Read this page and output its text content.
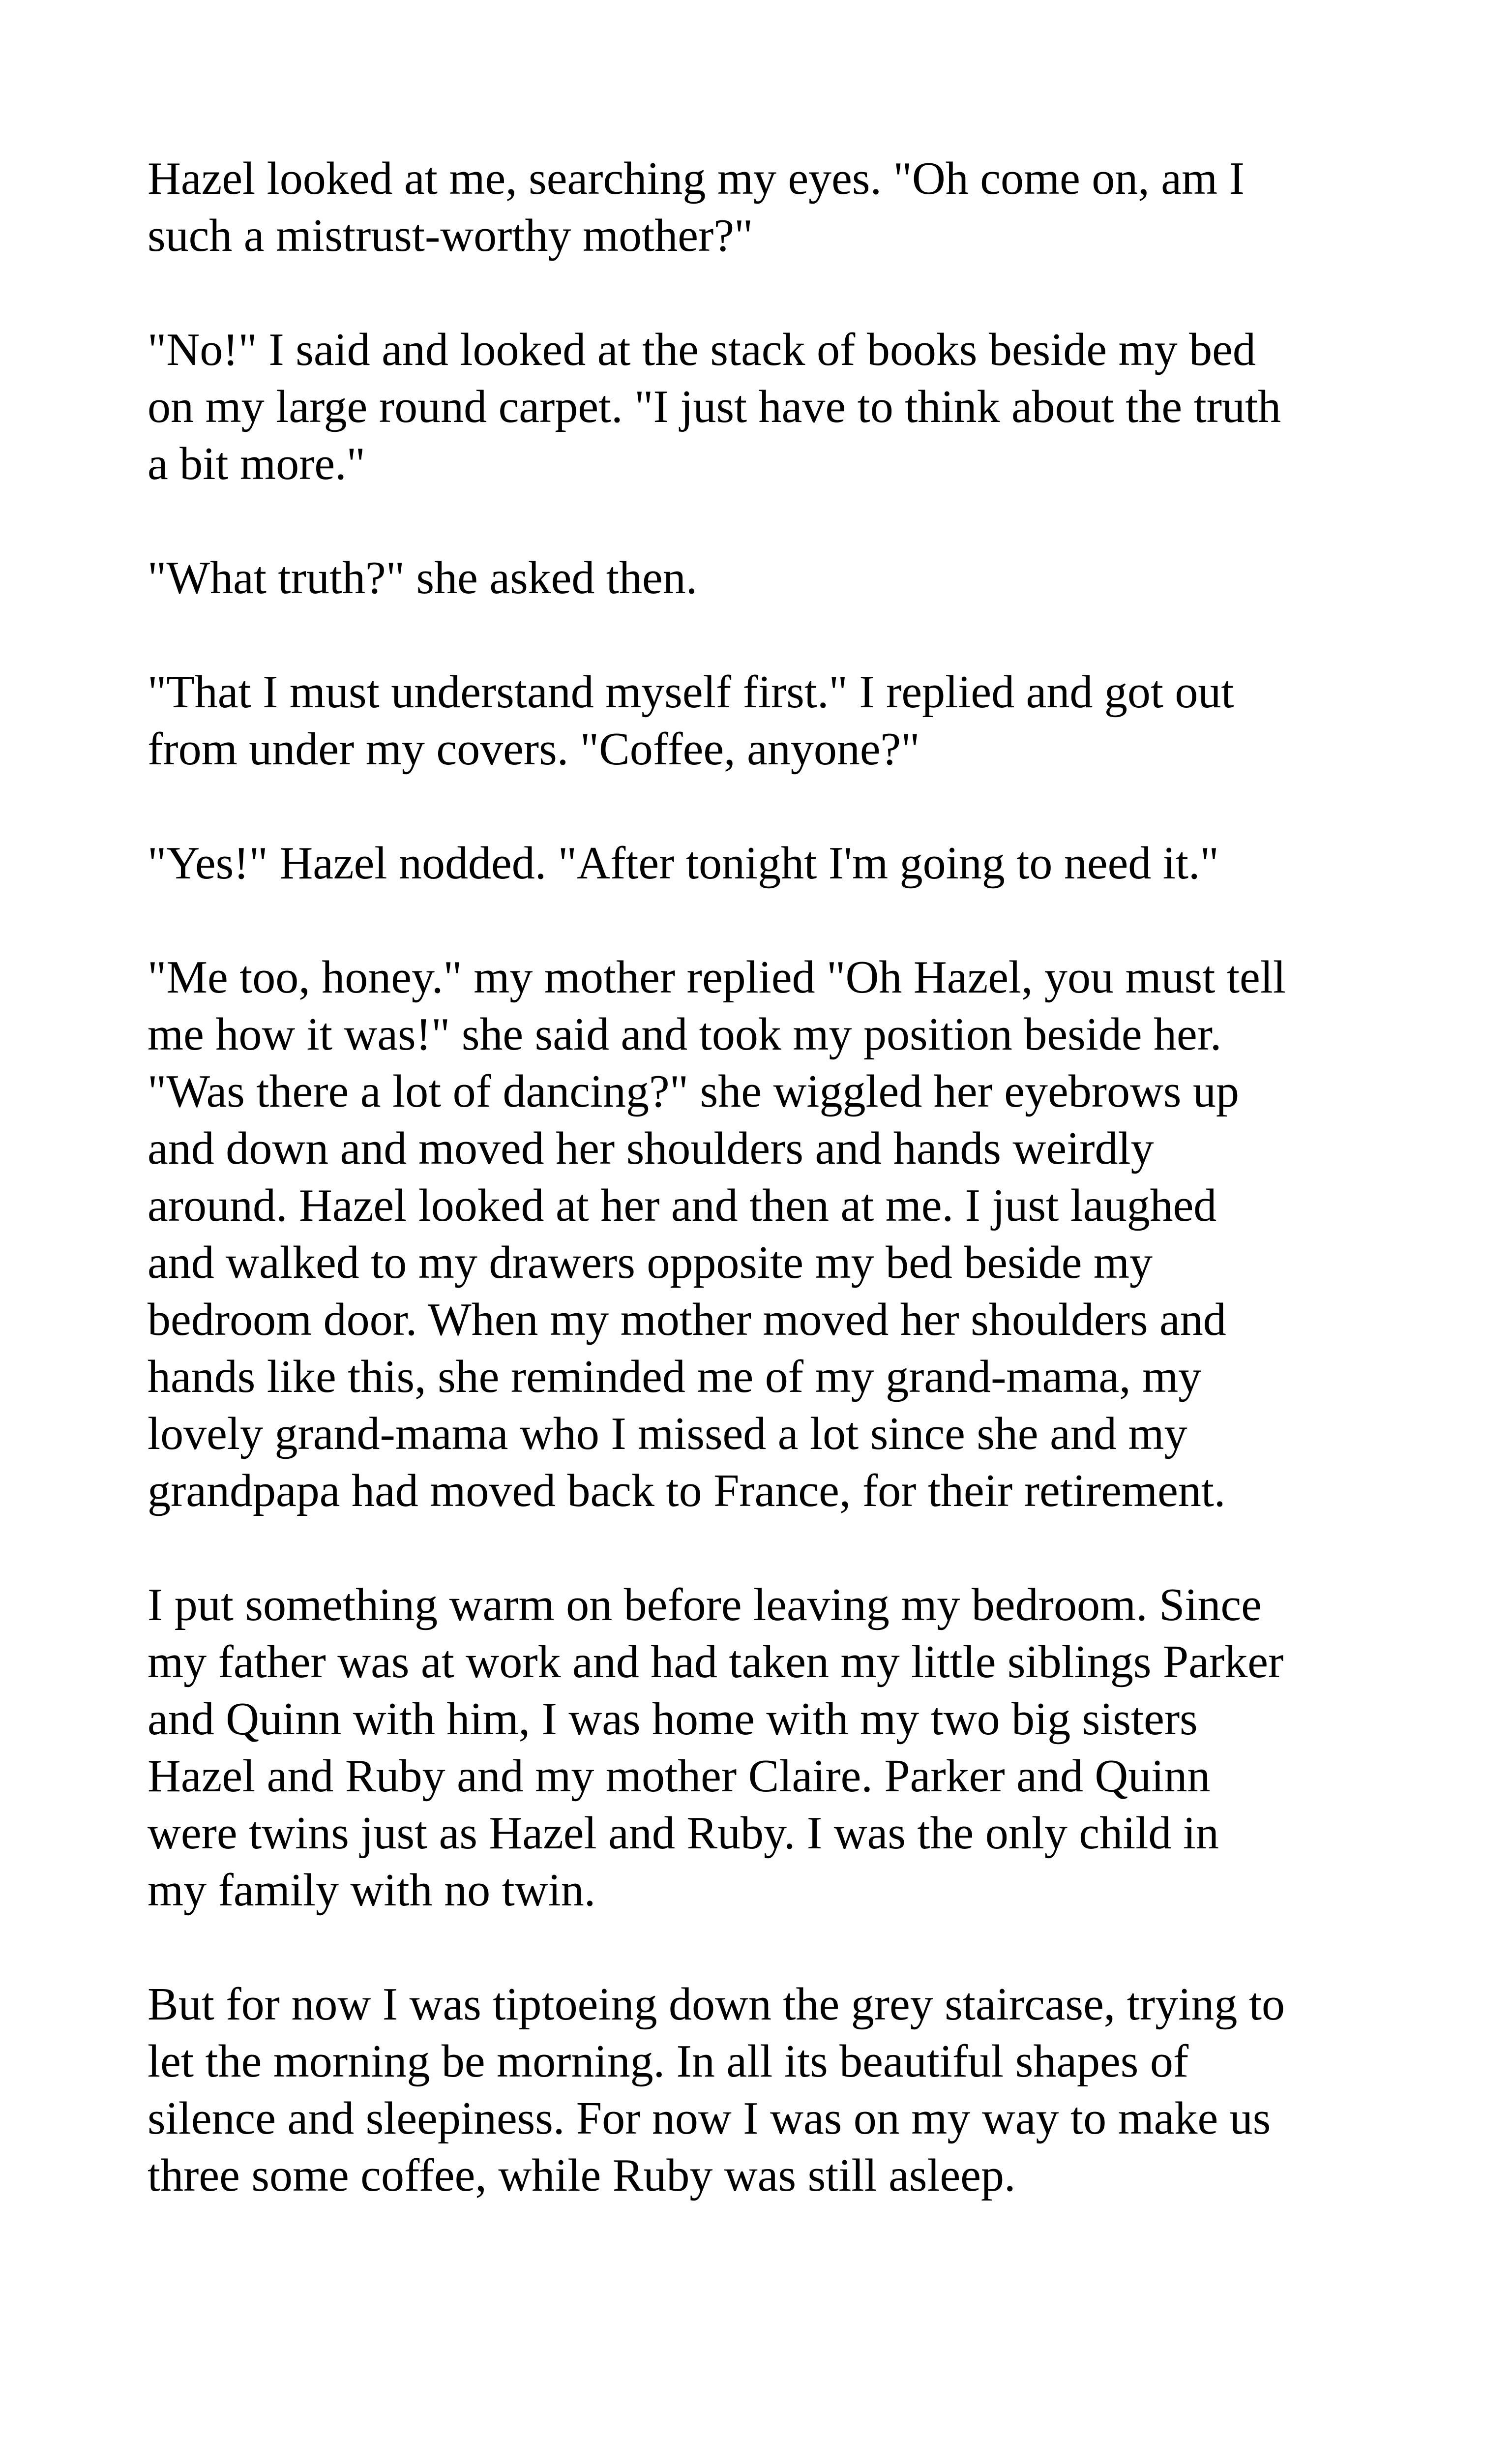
Hazel looked at me, searching my eyes. "Oh come on, am I
such a mistrust-worthy mother?"
"No!" I said and looked at the stack of books beside my bed
on my large round carpet. "I just have to think about the truth
a bit more."
"What truth?" she asked then.
"That I must understand myself first." I replied and got out
from under my covers. "Coffee, anyone?"
"Yes!" Hazel nodded. "After tonight I'm going to need it."
"Me too, honey." my mother replied "Oh Hazel, you must tell
me how it was!" she said and took my position beside her.
"Was there a lot of dancing?" she wiggled her eyebrows up
and down and moved her shoulders and hands weirdly
around. Hazel looked at her and then at me. I just laughed
and walked to my drawers opposite my bed beside my
bedroom door. When my mother moved her shoulders and
hands like this, she reminded me of my grand-mama, my
lovely grand-mama who I missed a lot since she and my
grandpapa had moved back to France, for their retirement.
I put something warm on before leaving my bedroom. Since
my father was at work and had taken my little siblings Parker
and Quinn with him, I was home with my two big sisters
Hazel and Ruby and my mother Claire. Parker and Quinn
were twins just as Hazel and Ruby. I was the only child in
my family with no twin.
But for now I was tiptoeing down the grey staircase, trying to
let the morning be morning. In all its beautiful shapes of
silence and sleepiness. For now I was on my way to make us
three some coffee, while Ruby was still asleep.
